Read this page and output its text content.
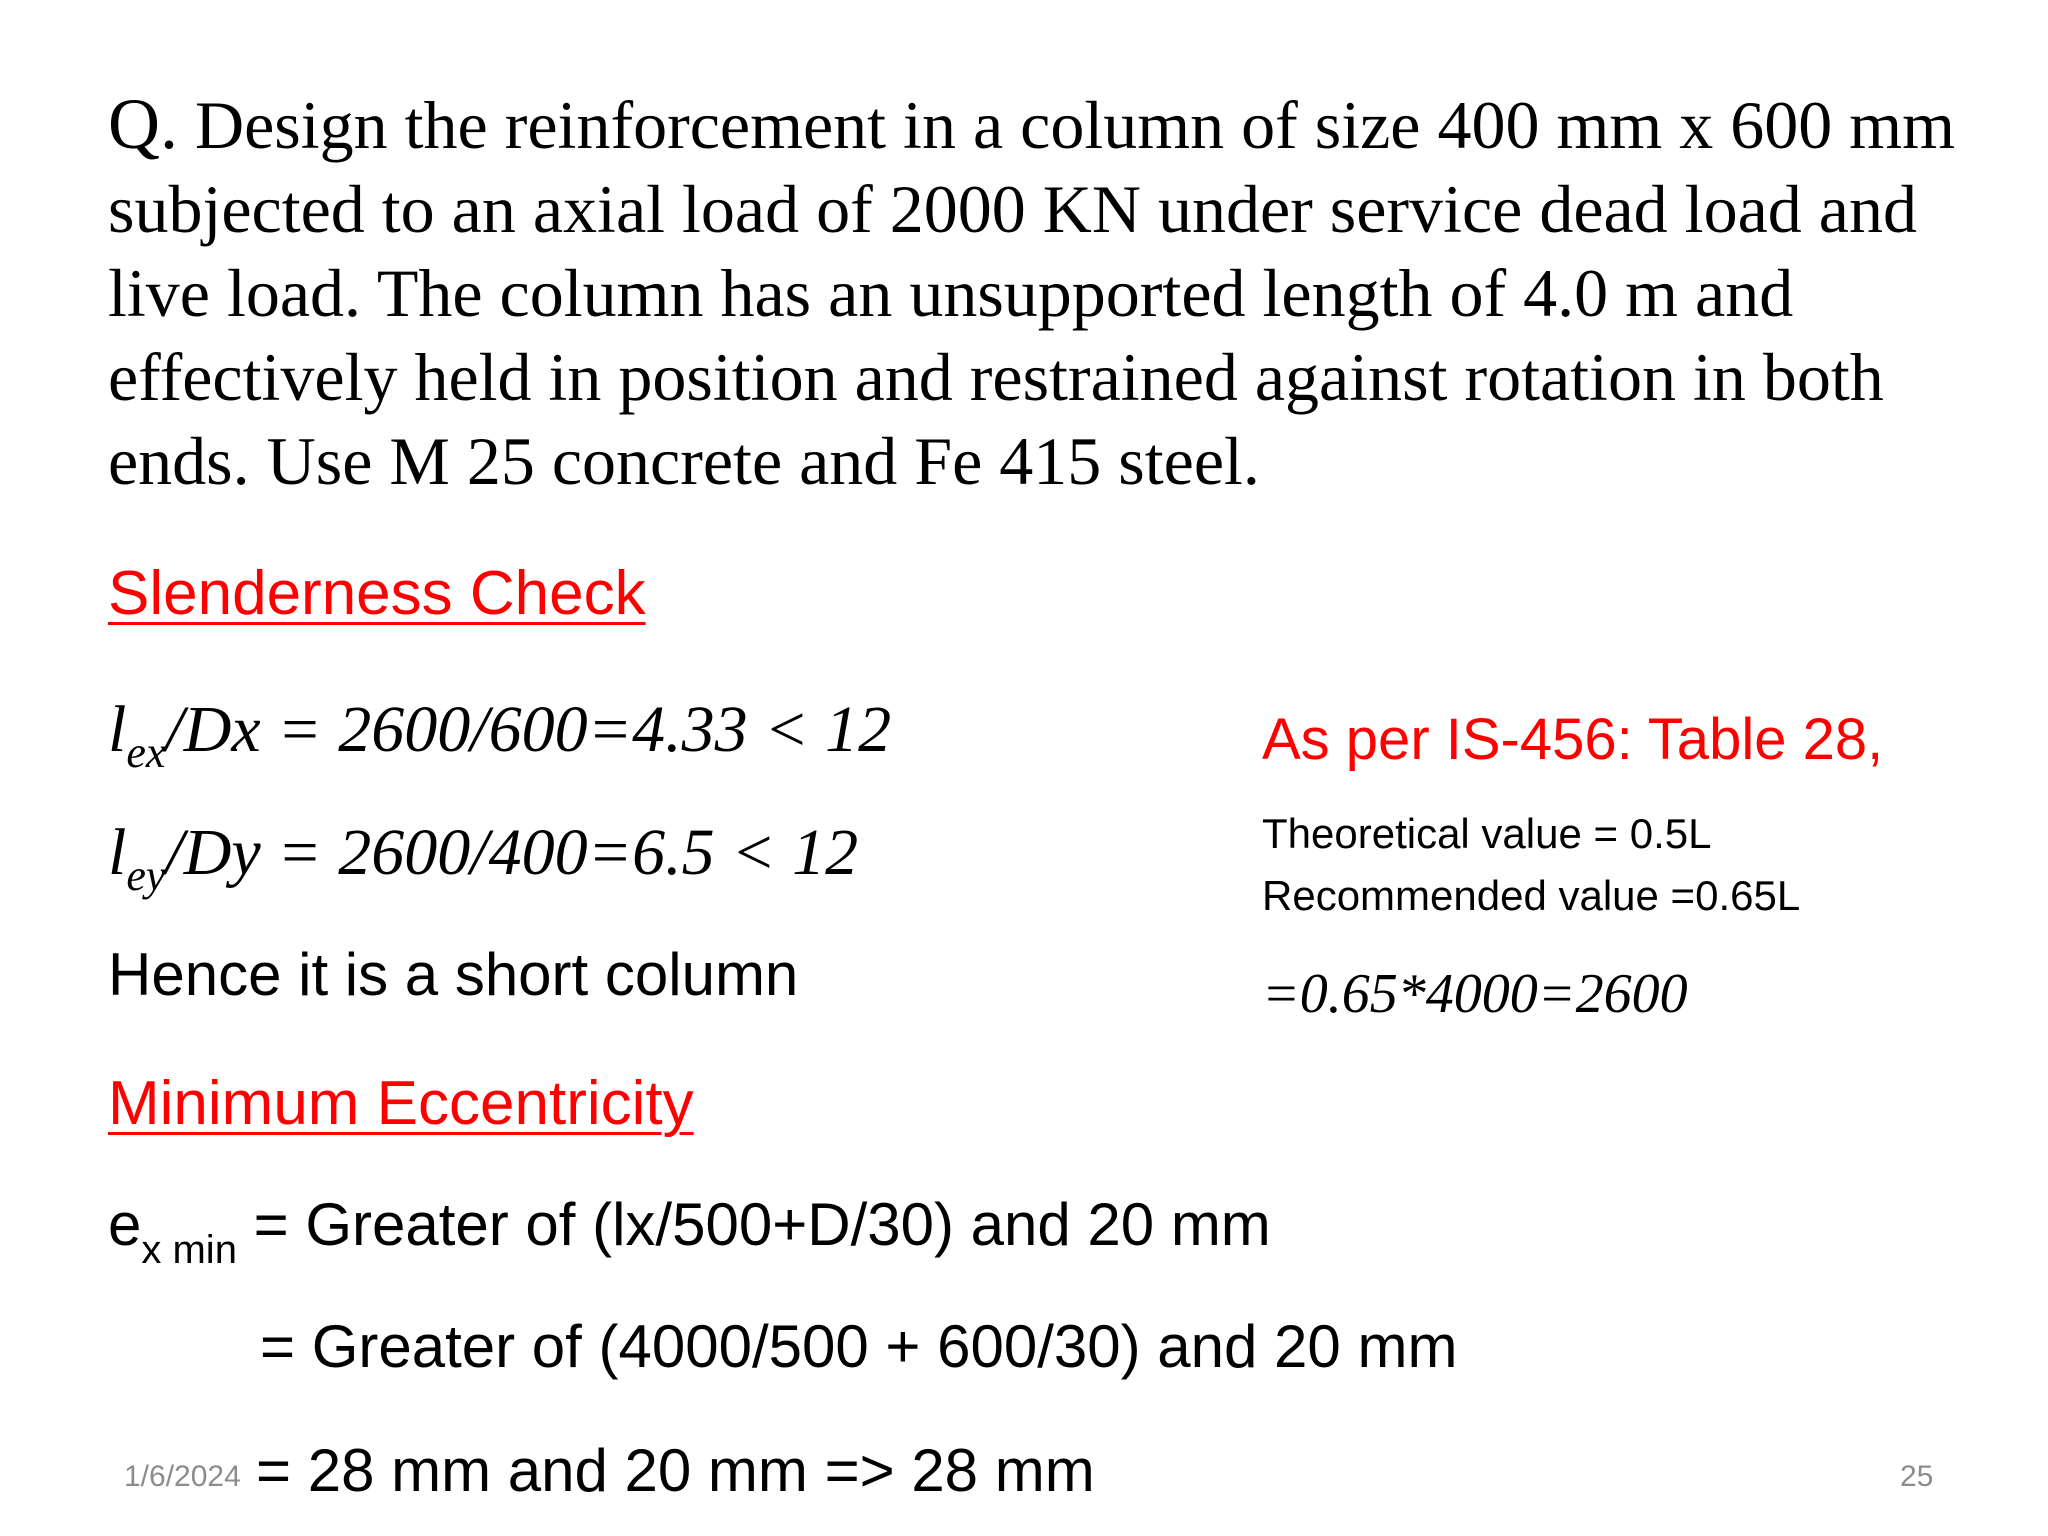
Q. Design the reinforcement in a column of size 400 mm x 600 mm subjected to an axial load of 2000 KN under service dead load and live load. The column has an unsupported length of 4.0 m and effectively held in position and restrained against rotation in both ends. Use M 25 concrete and Fe 415 steel.

Slenderness Check

$l_{ex}/Dx = 2600/600=4.33 < 12$

$l_{ey}/Dy = 2600/400=6.5 < 12$

Hence it is a short column

As per IS-456: Table 28,

Theoretical value = 0.5L

Recommended value =0.65L

=0.65*4000=2600

Minimum Eccentricity

$e_{x min}$ = Greater of (lx/500+D/30) and 20 mm

= Greater of (4000/500 + 600/30) and 20 mm

= 28 mm and 20 mm => 28 mm

1/6/2024	25
